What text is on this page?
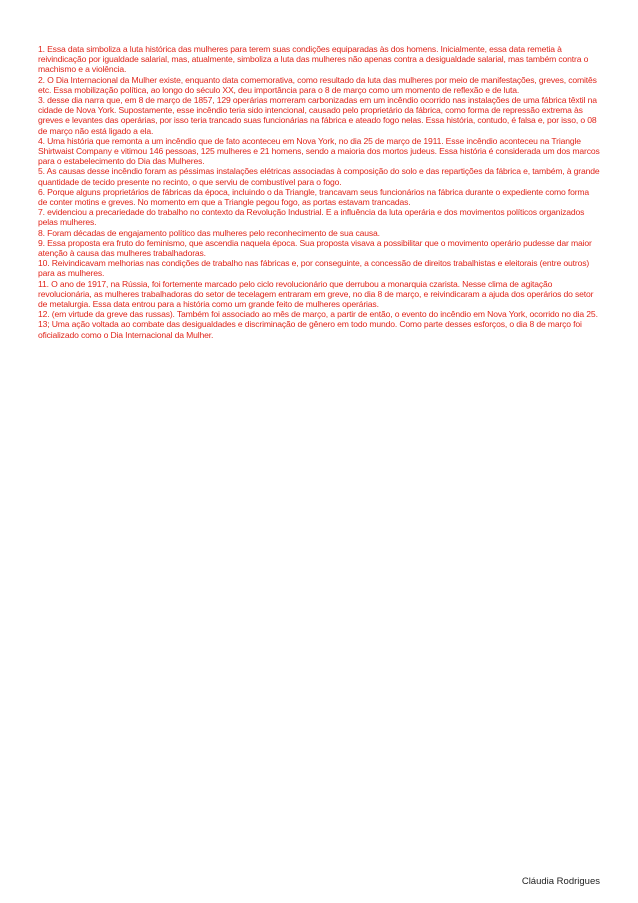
1. Essa data simboliza a luta histórica das mulheres para terem suas condições equiparadas às dos homens. Inicialmente, essa data remetia à reivindicação por igualdade salarial, mas, atualmente, simboliza a luta das mulheres não apenas contra a desigualdade salarial, mas também contra o machismo e a violência.

2. O Dia Internacional da Mulher existe, enquanto data comemorativa, como resultado da luta das mulheres por meio de manifestações, greves, comitês etc. Essa mobilização política, ao longo do século XX, deu importância para o 8 de março como um momento de reflexão e de luta.

3. desse dia narra que, em 8 de março de 1857, 129 operárias morreram carbonizadas em um incêndio ocorrido nas instalações de uma fábrica têxtil na cidade de Nova York. Supostamente, esse incêndio teria sido intencional, causado pelo proprietário da fábrica, como forma de repressão extrema às greves e levantes das operárias, por isso teria trancado suas funcionárias na fábrica e ateado fogo nelas. Essa história, contudo, é falsa e, por isso, o 08 de março não está ligado a ela.

4. Uma história que remonta a um incêndio que de fato aconteceu em Nova York, no dia 25 de março de 1911. Esse incêndio aconteceu na Triangle Shirtwaist Company e vitimou 146 pessoas, 125 mulheres e 21 homens, sendo a maioria dos mortos judeus. Essa história é considerada um dos marcos para o estabelecimento do Dia das Mulheres.

5. As causas desse incêndio foram as péssimas instalações elétricas associadas à composição do solo e das repartições da fábrica e, também, à grande quantidade de tecido presente no recinto, o que serviu de combustível para o fogo.

6. Porque alguns proprietários de fábricas da época, incluindo o da Triangle, trancavam seus funcionários na fábrica durante o expediente como forma de conter motins e greves. No momento em que a Triangle pegou fogo, as portas estavam trancadas.

7. evidenciou a precariedade do trabalho no contexto da Revolução Industrial. E a influência da luta operária e dos movimentos políticos organizados pelas mulheres.

8. Foram décadas de engajamento político das mulheres pelo reconhecimento de sua causa.

9. Essa proposta era fruto do feminismo, que ascendia naquela época. Sua proposta visava a possibilitar que o movimento operário pudesse dar maior atenção à causa das mulheres trabalhadoras.

10. Reivindicavam melhorias nas condições de trabalho nas fábricas e, por conseguinte, a concessão de direitos trabalhistas e eleitorais (entre outros) para as mulheres.

11. O ano de 1917, na Rússia, foi fortemente marcado pelo ciclo revolucionário que derrubou a monarquia czarista. Nesse clima de agitação revolucionária, as mulheres trabalhadoras do setor de tecelagem entraram em greve, no dia 8 de março, e reivindicaram a ajuda dos operários do setor de metalurgia. Essa data entrou para a história como um grande feito de mulheres operárias.

12. (em virtude da greve das russas). Também foi associado ao mês de março, a partir de então, o evento do incêndio em Nova York, ocorrido no dia 25.

13; Uma ação voltada ao combate das desigualdades e discriminação de gênero em todo mundo. Como parte desses esforços, o dia 8 de março foi oficializado como o Dia Internacional da Mulher.

Cláudia Rodrigues
